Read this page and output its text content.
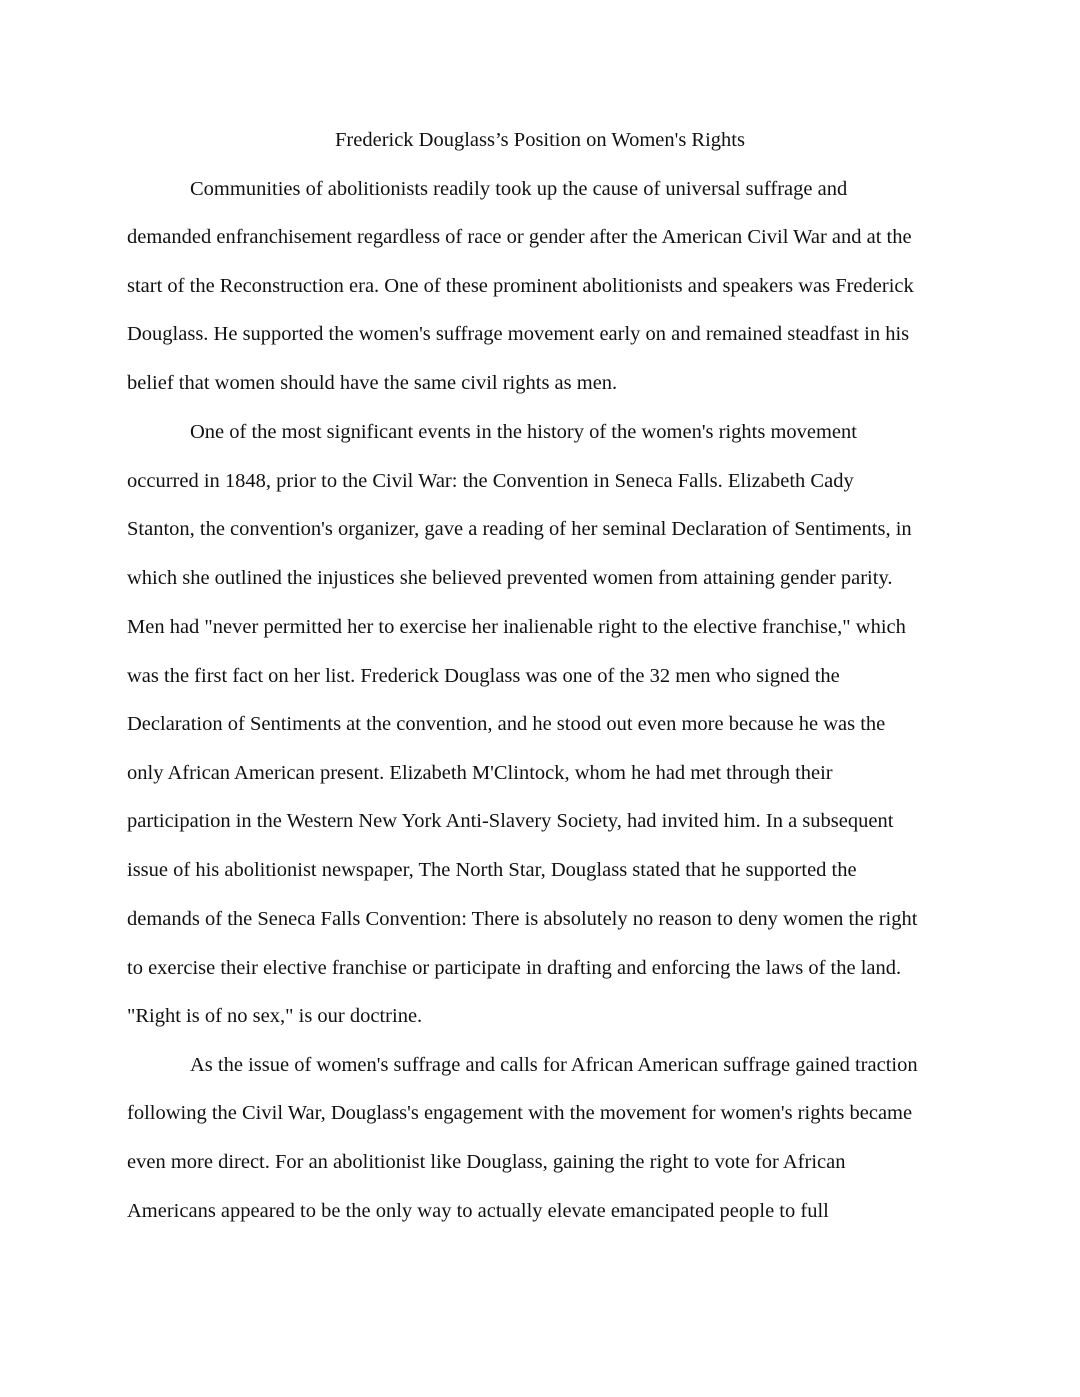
Frederick Douglass’s Position on Women's Rights
Communities of abolitionists readily took up the cause of universal suffrage and
demanded enfranchisement regardless of race or gender after the American Civil War and at the
start of the Reconstruction era. One of these prominent abolitionists and speakers was Frederick
Douglass. He supported the women's suffrage movement early on and remained steadfast in his
belief that women should have the same civil rights as men.
One of the most significant events in the history of the women's rights movement
occurred in 1848, prior to the Civil War: the Convention in Seneca Falls. Elizabeth Cady
Stanton, the convention's organizer, gave a reading of her seminal Declaration of Sentiments, in
which she outlined the injustices she believed prevented women from attaining gender parity.
Men had "never permitted her to exercise her inalienable right to the elective franchise," which
was the first fact on her list. Frederick Douglass was one of the 32 men who signed the
Declaration of Sentiments at the convention, and he stood out even more because he was the
only African American present. Elizabeth M'Clintock, whom he had met through their
participation in the Western New York Anti-Slavery Society, had invited him. In a subsequent
issue of his abolitionist newspaper, The North Star, Douglass stated that he supported the
demands of the Seneca Falls Convention: There is absolutely no reason to deny women the right
to exercise their elective franchise or participate in drafting and enforcing the laws of the land.
"Right is of no sex," is our doctrine.
As the issue of women's suffrage and calls for African American suffrage gained traction
following the Civil War, Douglass's engagement with the movement for women's rights became
even more direct. For an abolitionist like Douglass, gaining the right to vote for African
Americans appeared to be the only way to actually elevate emancipated people to full
